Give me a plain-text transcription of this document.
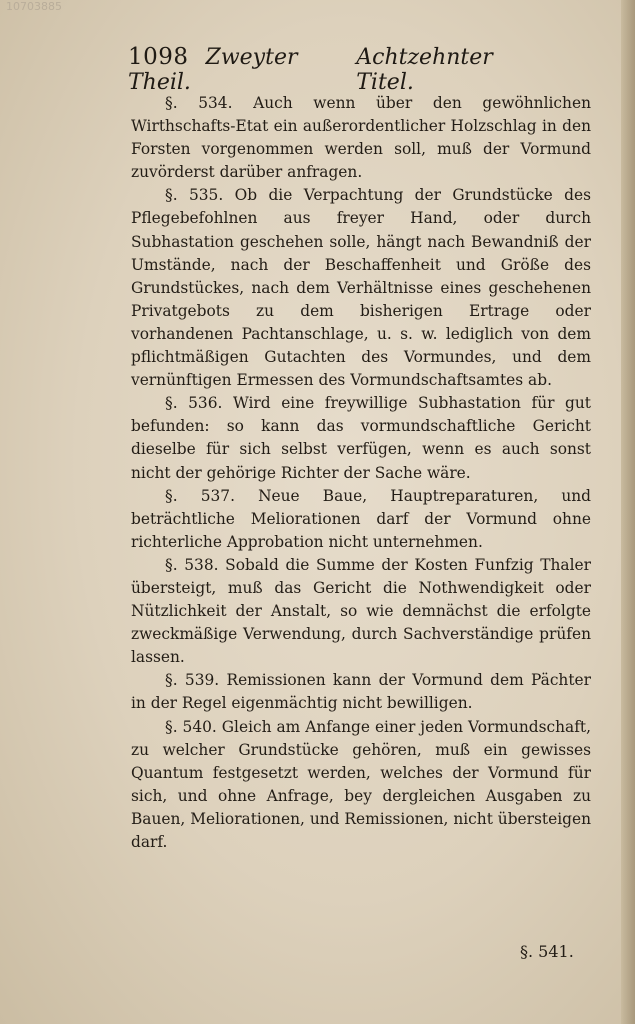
10703885
1098 Zweyter Theil.
Achtzehnter Titel.

§. 534. Auch wenn über den gewöhnlichen Wirthschafts-Etat ein außerordentlicher Holzschlag in den Forsten vorgenommen werden soll, muß der Vormund zuvörderst darüber anfragen.

§. 535. Ob die Verpachtung der Grundstücke des Pflegebefohlnen aus freyer Hand, oder durch Subhastation geschehen solle, hängt nach Bewandniß der Umstände, nach der Beschaffenheit und Größe des Grundstückes, nach dem Verhältnisse eines geschehenen Privatgebots zu dem bisherigen Ertrage oder vorhandenen Pachtanschlage, u. s. w. lediglich von dem pflichtmäßigen Gutachten des Vormundes, und dem vernünftigen Ermessen des Vormundschaftsamtes ab.

§. 536. Wird eine freywillige Subhastation für gut befunden: so kann das vormundschaftliche Gericht dieselbe für sich selbst verfügen, wenn es auch sonst nicht der gehörige Richter der Sache wäre.

§. 537. Neue Baue, Hauptreparaturen, und beträchtliche Meliorationen darf der Vormund ohne richterliche Approbation nicht unternehmen.

§. 538. Sobald die Summe der Kosten Funfzig Thaler übersteigt, muß das Gericht die Nothwendigkeit oder Nützlichkeit der Anstalt, so wie demnächst die erfolgte zweckmäßige Verwendung, durch Sachverständige prüfen lassen.

§. 539. Remissionen kann der Vormund dem Pächter in der Regel eigenmächtig nicht bewilligen.

§. 540. Gleich am Anfange einer jeden Vormundschaft, zu welcher Grundstücke gehören, muß ein gewisses Quantum festgesetzt werden, welches der Vormund für sich, und ohne Anfrage, bey dergleichen Ausgaben zu Bauen, Meliorationen, und Remissionen, nicht übersteigen darf.

§. 541.
